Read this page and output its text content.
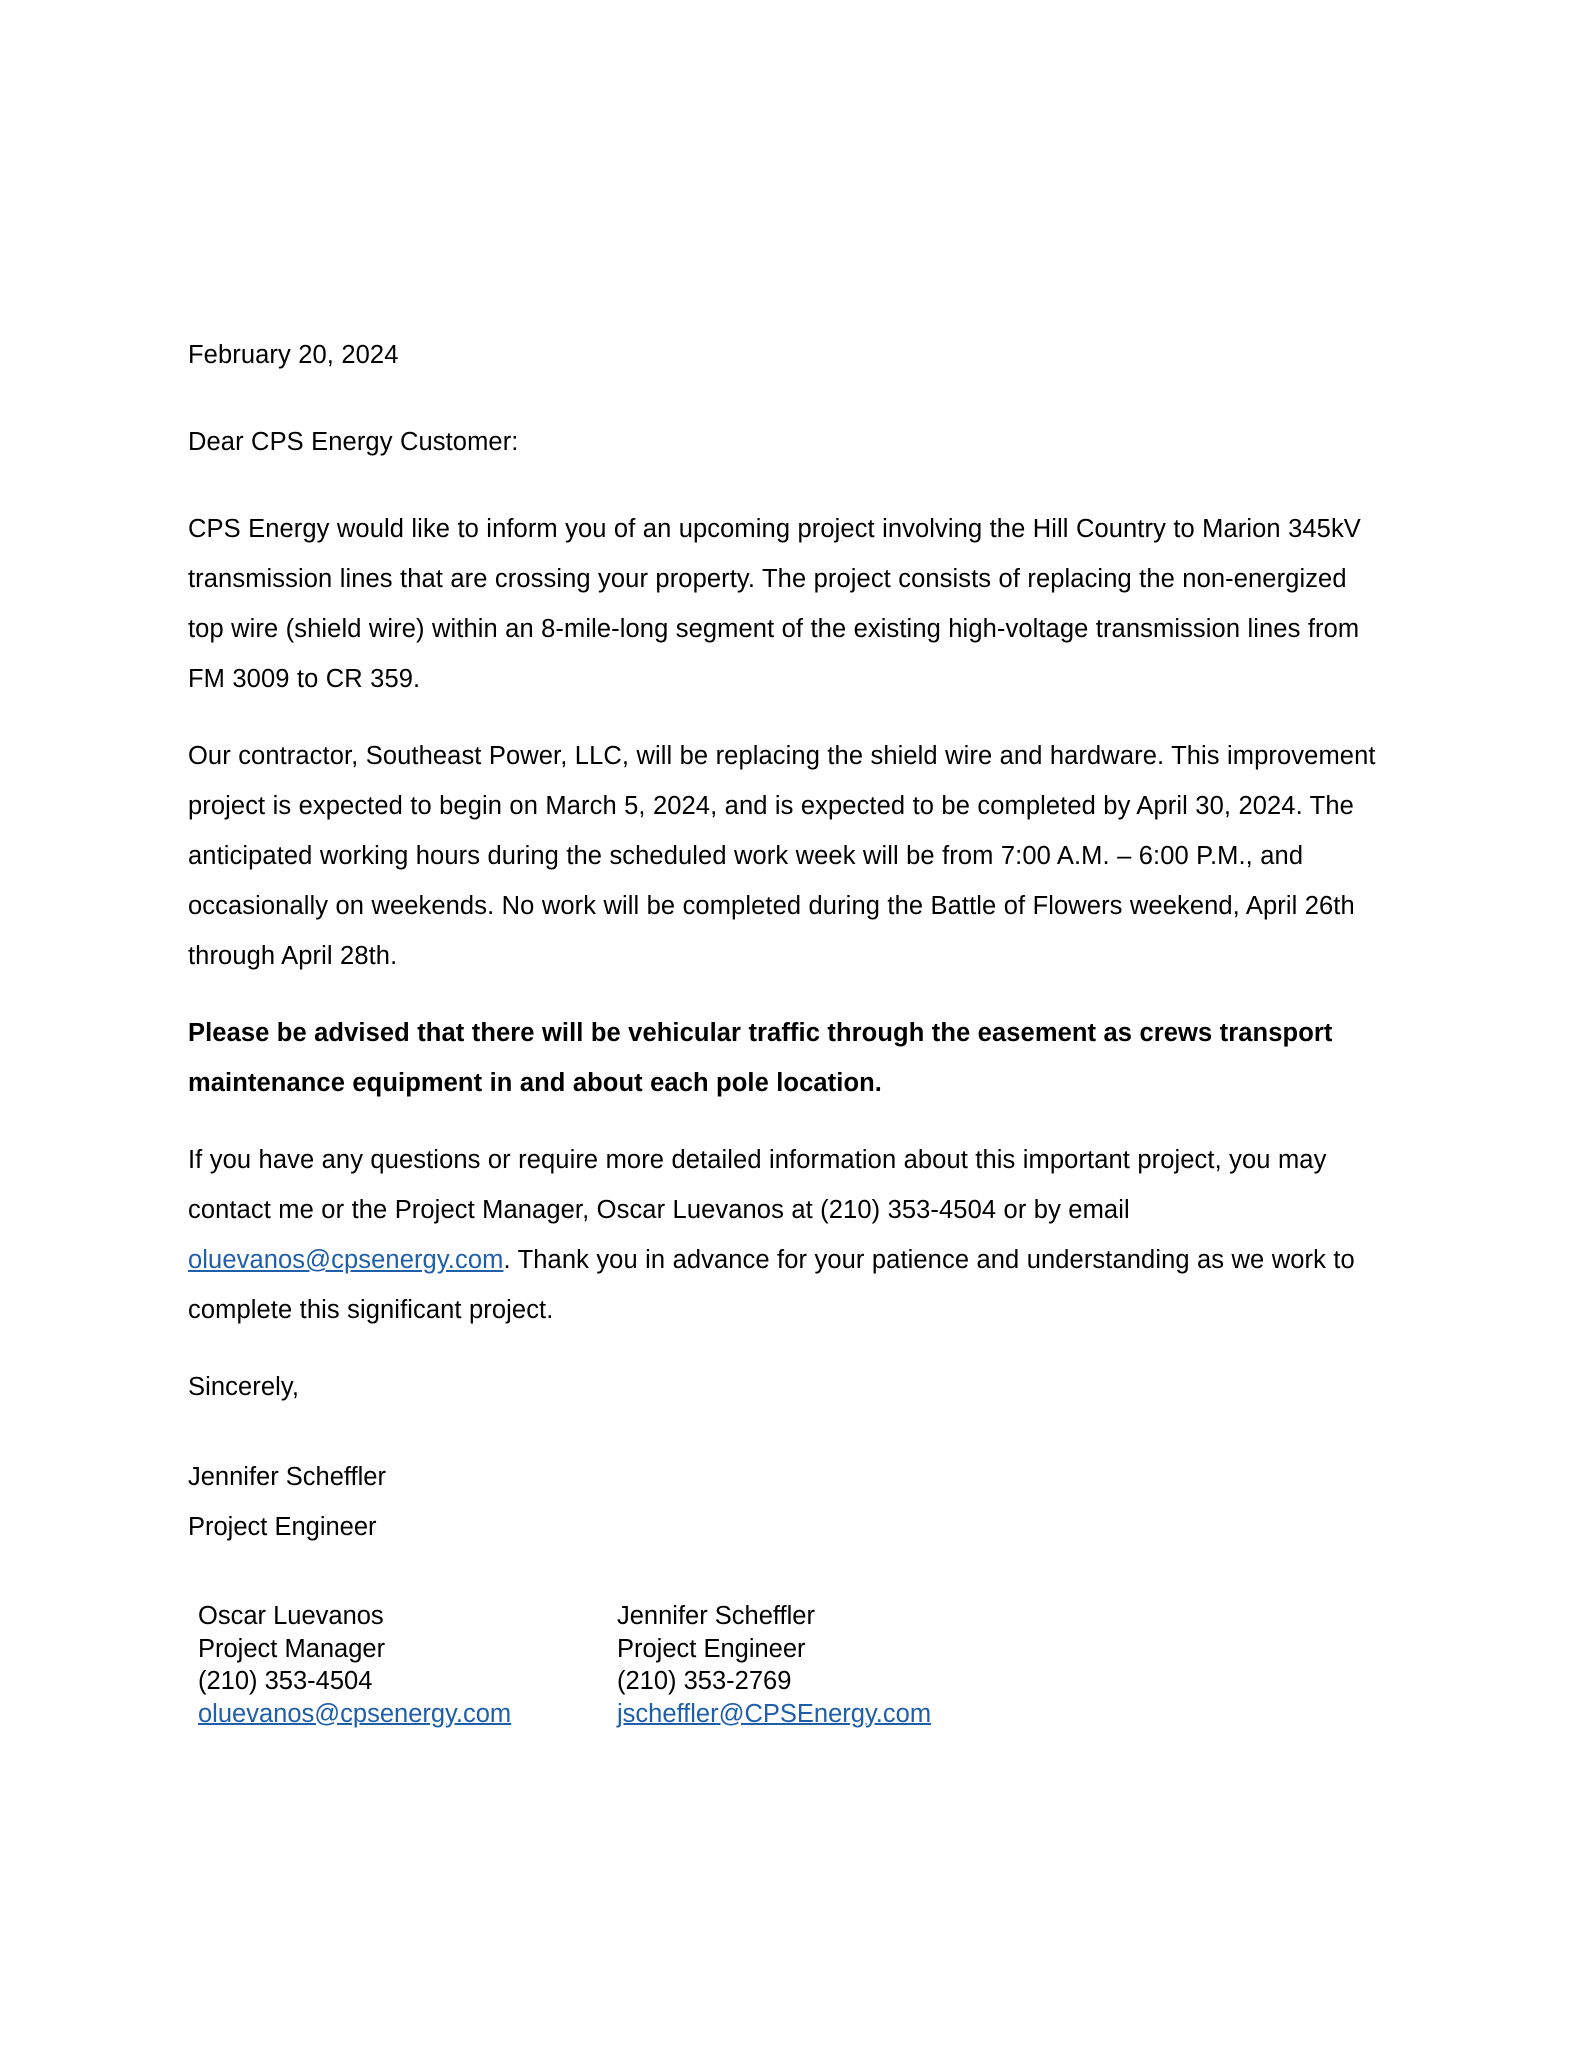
February 20, 2024

Dear CPS Energy Customer:

CPS Energy would like to inform you of an upcoming project involving the Hill Country to Marion 345kV transmission lines that are crossing your property. The project consists of replacing the non-energized top wire (shield wire) within an 8-mile-long segment of the existing high-voltage transmission lines from FM 3009 to CR 359.

Our contractor, Southeast Power, LLC, will be replacing the shield wire and hardware. This improvement project is expected to begin on March 5, 2024, and is expected to be completed by April 30, 2024. The anticipated working hours during the scheduled work week will be from 7:00 A.M. – 6:00 P.M., and occasionally on weekends. No work will be completed during the Battle of Flowers weekend, April 26th through April 28th.

Please be advised that there will be vehicular traffic through the easement as crews transport maintenance equipment in and about each pole location.

If you have any questions or require more detailed information about this important project, you may contact me or the Project Manager, Oscar Luevanos at (210) 353-4504 or by email oluevanos@cpsenergy.com. Thank you in advance for your patience and understanding as we work to complete this significant project.

Sincerely,

Jennifer Scheffler
Project Engineer
Oscar Luevanos
Project Manager
(210) 353-4504
oluevanos@cpsenergy.com
Jennifer Scheffler
Project Engineer
(210) 353-2769
jscheffler@CPSEnergy.com
